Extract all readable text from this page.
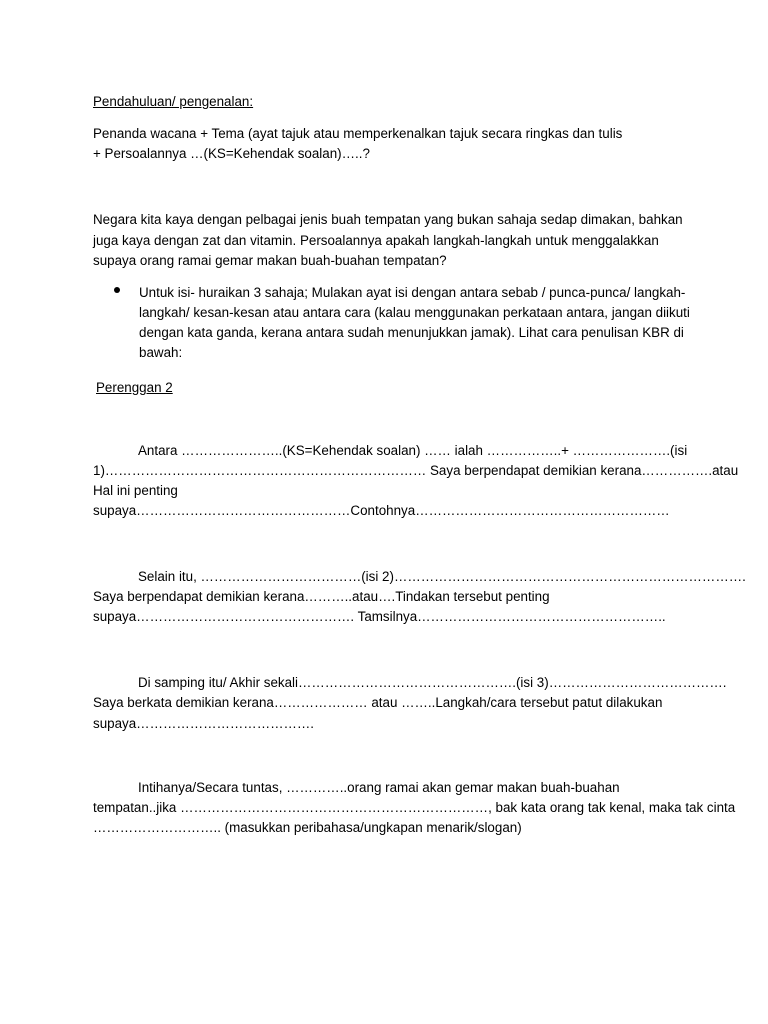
Pendahuluan/ pengenalan:
Penanda wacana + Tema (ayat tajuk atau memperkenalkan tajuk secara ringkas dan tulis
+ Persoalannya …(KS=Kehendak soalan)…..?
Negara kita kaya dengan pelbagai jenis buah tempatan yang bukan sahaja sedap dimakan, bahkan
juga kaya dengan zat dan vitamin. Persoalannya apakah langkah-langkah untuk menggalakkan
supaya orang ramai gemar makan buah-buahan tempatan?
Untuk isi- huraikan 3 sahaja; Mulakan ayat isi dengan antara sebab / punca-punca/ langkah-
langkah/ kesan-kesan atau antara cara (kalau menggunakan perkataan antara, jangan diikuti
dengan kata ganda, kerana antara sudah menunjukkan jamak). Lihat cara penulisan KBR di
bawah:
Perenggan 2
Antara …………………..(KS=Kehendak soalan) …… ialah ……………..+ ………………….(isi
1)……………………………………………………………… Saya berpendapat demikian kerana…………….atau
Hal ini penting
supaya…………………………………………Contohnya…………………………………………………
Selain itu, ………………………………(isi 2)…………………………………………………………………….
Saya berpendapat demikian kerana………..atau….Tindakan tersebut penting
supaya…………………………………………. Tamsilnya………………………………………………..
Di samping itu/ Akhir sekali………………………………………….(isi 3)………………………………….
Saya berkata demikian kerana………………… atau ……..Langkah/cara tersebut patut dilakukan
supaya………………………………….
Intihanya/Secara tuntas, …………..orang ramai akan gemar makan buah-buahan
tempatan..jika ……………………………………………………………, bak kata orang tak kenal, maka tak cinta
……………………….. (masukkan peribahasa/ungkapan menarik/slogan)
